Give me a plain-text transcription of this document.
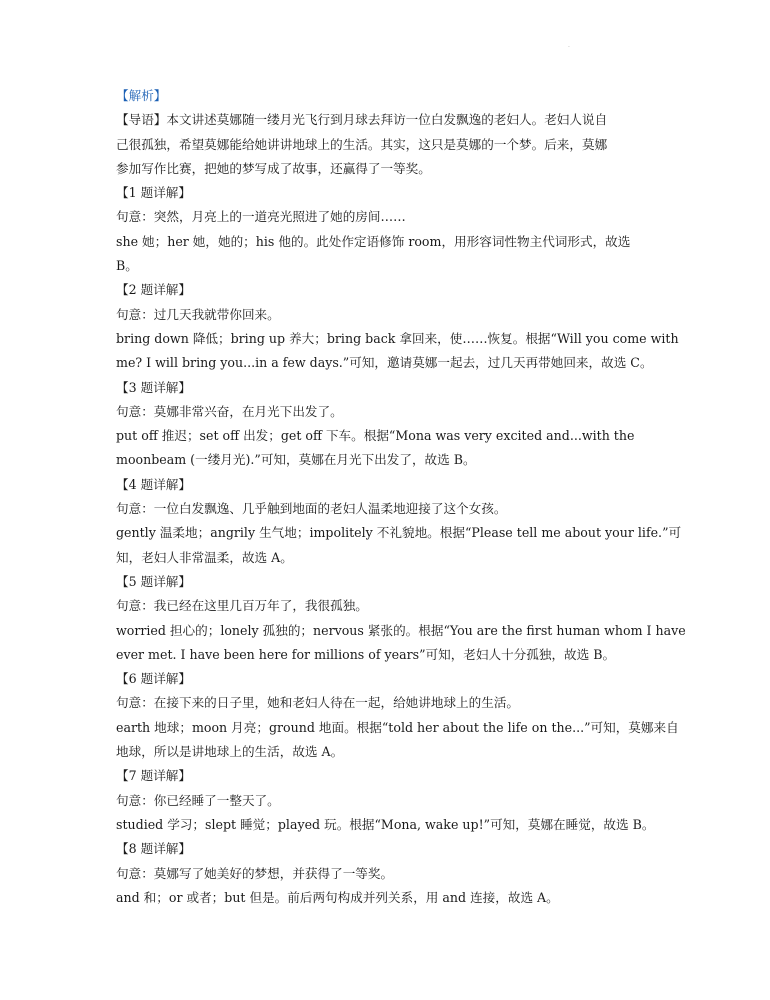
·
【解析】
【导语】本文讲述莫娜随一缕月光飞行到月球去拜访一位白发飘逸的老妇人。老妇人说自
己很孤独，希望莫娜能给她讲讲地球上的生活。其实，这只是莫娜的一个梦。后来，莫娜
参加写作比赛，把她的梦写成了故事，还赢得了一等奖。
【1 题详解】
句意：突然，月亮上的一道亮光照进了她的房间……
she 她；her 她，她的；his 他的。此处作定语修饰 room，用形容词性物主代词形式，故选
B。
【2 题详解】
句意：过几天我就带你回来。
bring down 降低；bring up 养大；bring back 拿回来，使……恢复。根据“Will you come with
me? I will bring you...in a few days.”可知，邀请莫娜一起去，过几天再带她回来，故选 C。
【3 题详解】
句意：莫娜非常兴奋，在月光下出发了。
put off 推迟；set off 出发；get off 下车。根据“Mona was very excited and...with the
moonbeam (一缕月光).”可知，莫娜在月光下出发了，故选 B。
【4 题详解】
句意：一位白发飘逸、几乎触到地面的老妇人温柔地迎接了这个女孩。
gently 温柔地；angrily 生气地；impolitely 不礼貌地。根据“Please tell me about your life.”可
知，老妇人非常温柔，故选 A。
【5 题详解】
句意：我已经在这里几百万年了，我很孤独。
worried 担心的；lonely 孤独的；nervous 紧张的。根据“You are the first human whom I have
ever met. I have been here for millions of years”可知，老妇人十分孤独，故选 B。
【6 题详解】
句意：在接下来的日子里，她和老妇人待在一起，给她讲地球上的生活。
earth 地球；moon 月亮；ground 地面。根据“told her about the life on the...”可知，莫娜来自
地球，所以是讲地球上的生活，故选 A。
【7 题详解】
句意：你已经睡了一整天了。
studied 学习；slept 睡觉；played 玩。根据“Mona, wake up!”可知，莫娜在睡觉，故选 B。
【8 题详解】
句意：莫娜写了她美好的梦想，并获得了一等奖。
and 和；or 或者；but 但是。前后两句构成并列关系，用 and 连接，故选 A。
